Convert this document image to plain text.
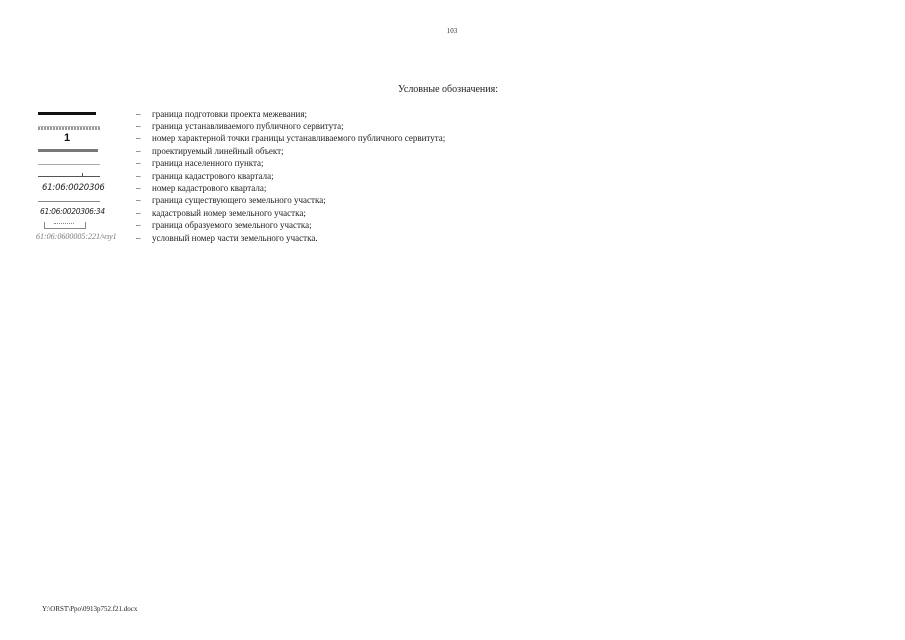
103
Условные обозначения:
–	граница подготовки проекта межевания;
–	граница устанавливаемого публичного сервитута;
1	–	номер характерной точки границы устанавливаемого публичного сервитута;
–	проектируемый линейный объект;
–	граница населенного пункта;
–	граница кадастрового квартала;
61:06:0020306	–	номер кадастрового квартала;
–	граница существующего земельного участка;
61:06:0020306:34	–	кадастровый номер земельного участка;
–	граница образуемого земельного участка;
61:06:0600005:221/чзу1 –	условный номер части земельного участка.
Y:\ORST\Ppo\0913p752.f21.docx
